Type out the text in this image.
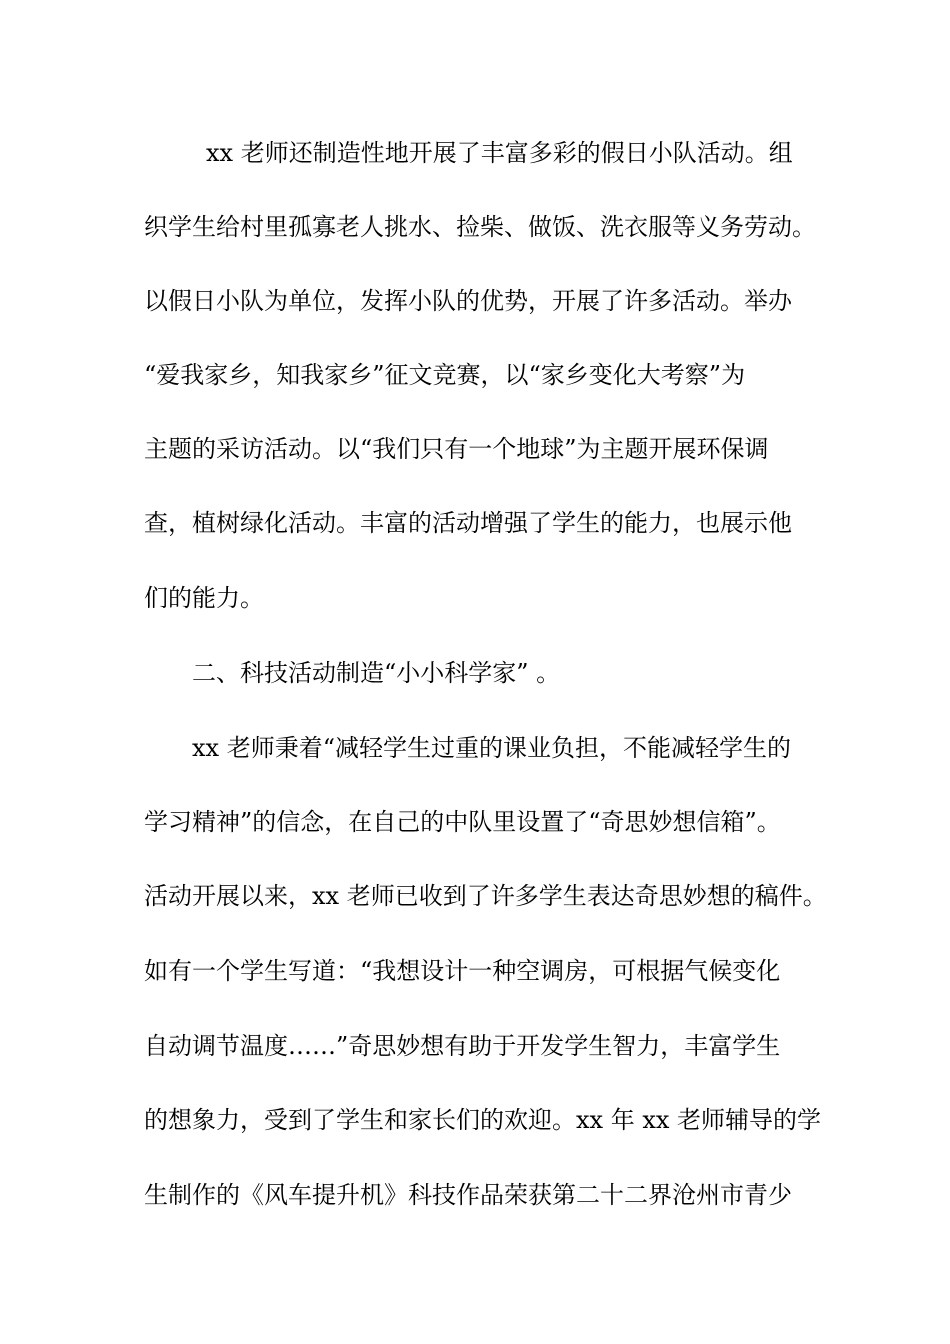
xx 老师还制造性地开展了丰富多彩的假日小队活动。组
织学生给村里孤寡老人挑水、捡柴、做饭、洗衣服等义务劳动。
以假日小队为单位，发挥小队的优势，开展了许多活动。举办
“爱我家乡，知我家乡”征文竞赛，以“家乡变化大考察”为
主题的采访活动。以“我们只有一个地球”为主题开展环保调
查，植树绿化活动。丰富的活动增强了学生的能力，也展示他
们的能力。
二、科技活动制造“小小科学家” 。
xx 老师秉着“减轻学生过重的课业负担，不能减轻学生的
学习精神”的信念，在自己的中队里设置了“奇思妙想信箱”。
活动开展以来，xx 老师已收到了许多学生表达奇思妙想的稿件。
如有一个学生写道：“我想设计一种空调房，可根据气候变化
自动调节温度……”奇思妙想有助于开发学生智力，丰富学生
的想象力，受到了学生和家长们的欢迎。xx 年 xx 老师辅导的学
生制作的《风车提升机》科技作品荣获第二十二界沧州市青少
